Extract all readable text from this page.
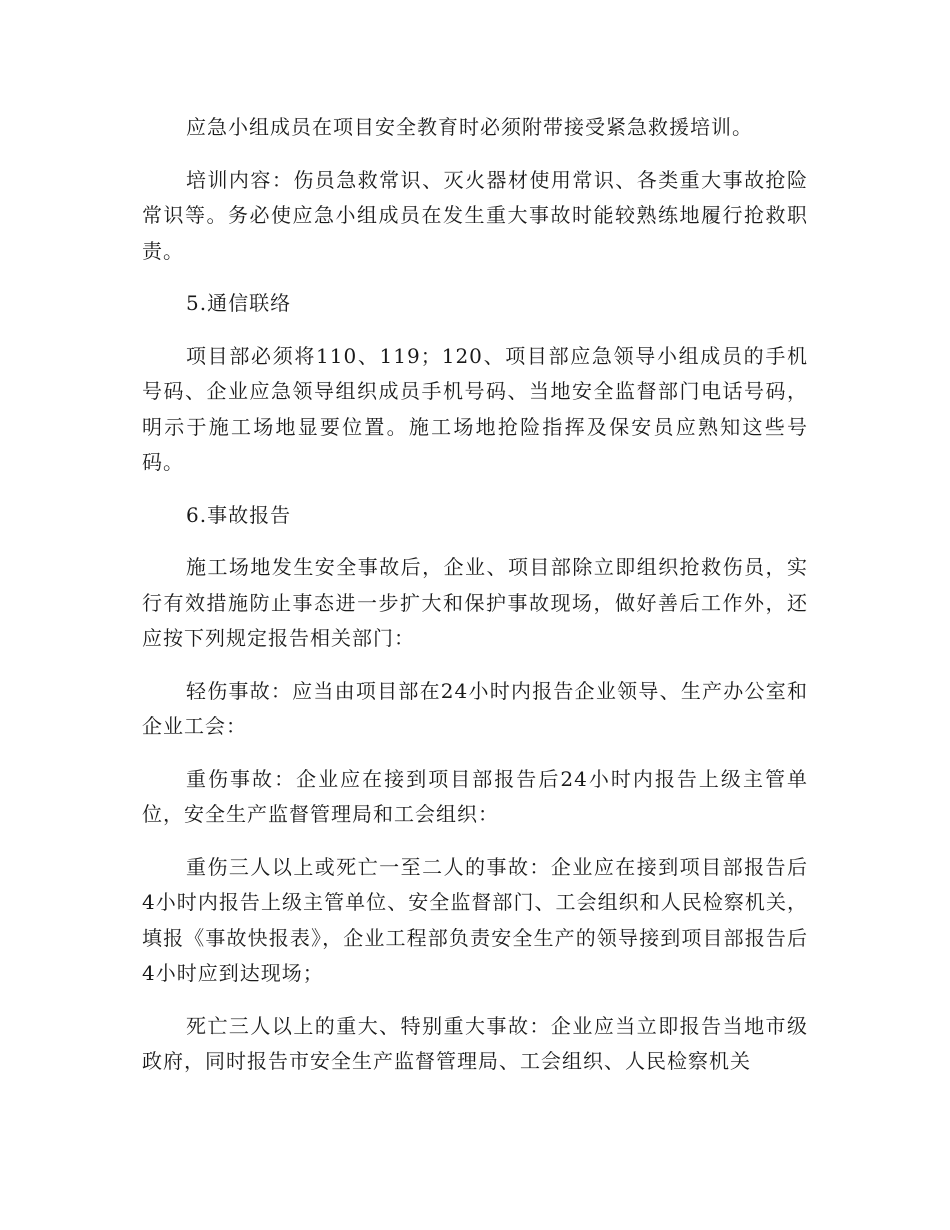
应急小组成员在项目安全教育时必须附带接受紧急救援培训。

培训内容：伤员急救常识、灭火器材使用常识、各类重大事故抢险常识等。务必使应急小组成员在发生重大事故时能较熟练地履行抢救职责。

5.通信联络

项目部必须将110、119；120、项目部应急领导小组成员的手机号码、企业应急领导组织成员手机号码、当地安全监督部门电话号码，明示于施工场地显要位置。施工场地抢险指挥及保安员应熟知这些号码。

6.事故报告

施工场地发生安全事故后，企业、项目部除立即组织抢救伤员，实行有效措施防止事态进一步扩大和保护事故现场，做好善后工作外，还应按下列规定报告相关部门：

轻伤事故：应当由项目部在24小时内报告企业领导、生产办公室和企业工会：

重伤事故：企业应在接到项目部报告后24小时内报告上级主管单位，安全生产监督管理局和工会组织：

重伤三人以上或死亡一至二人的事故：企业应在接到项目部报告后4小时内报告上级主管单位、安全监督部门、工会组织和人民检察机关，填报《事故快报表》，企业工程部负责安全生产的领导接到项目部报告后4小时应到达现场；

死亡三人以上的重大、特别重大事故：企业应当立即报告当地市级政府，同时报告市安全生产监督管理局、工会组织、人民检察机关
